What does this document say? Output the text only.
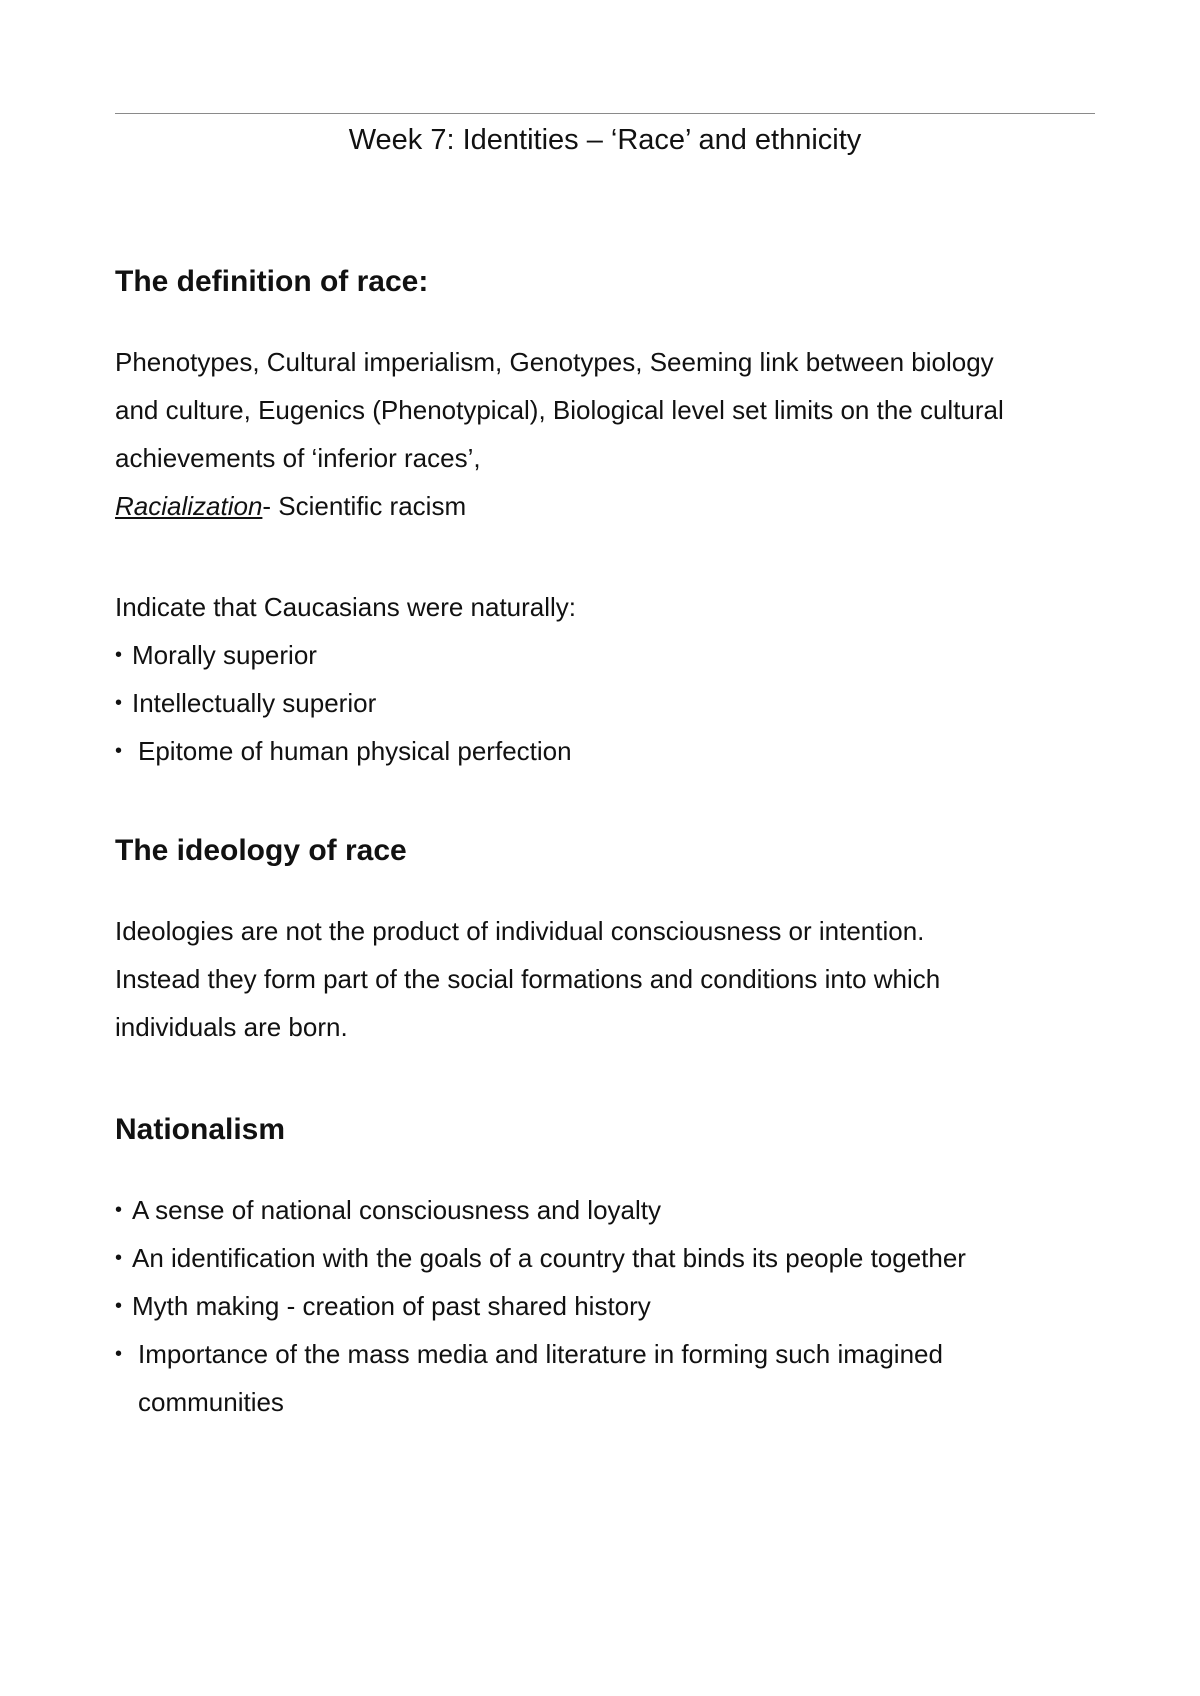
Week 7: Identities – ‘Race’ and ethnicity
The definition of race:

Phenotypes, Cultural imperialism, Genotypes, Seeming link between biology

and culture, Eugenics (Phenotypical), Biological level set limits on the cultural

achievements of ‘inferior races’,

Racialization- Scientific racism

Indicate that Caucasians were naturally:

• Morally superior
• Intellectually superior
• Epitome of human physical perfection
The ideology of race

Ideologies are not the product of individual consciousness or intention.

Instead they form part of the social formations and conditions into which

individuals are born.

Nationalism
• A sense of national consciousness and loyalty
• An identification with the goals of a country that binds its people together
• Myth making - creation of past shared history
• Importance of the mass media and literature in forming such imagined
communities
